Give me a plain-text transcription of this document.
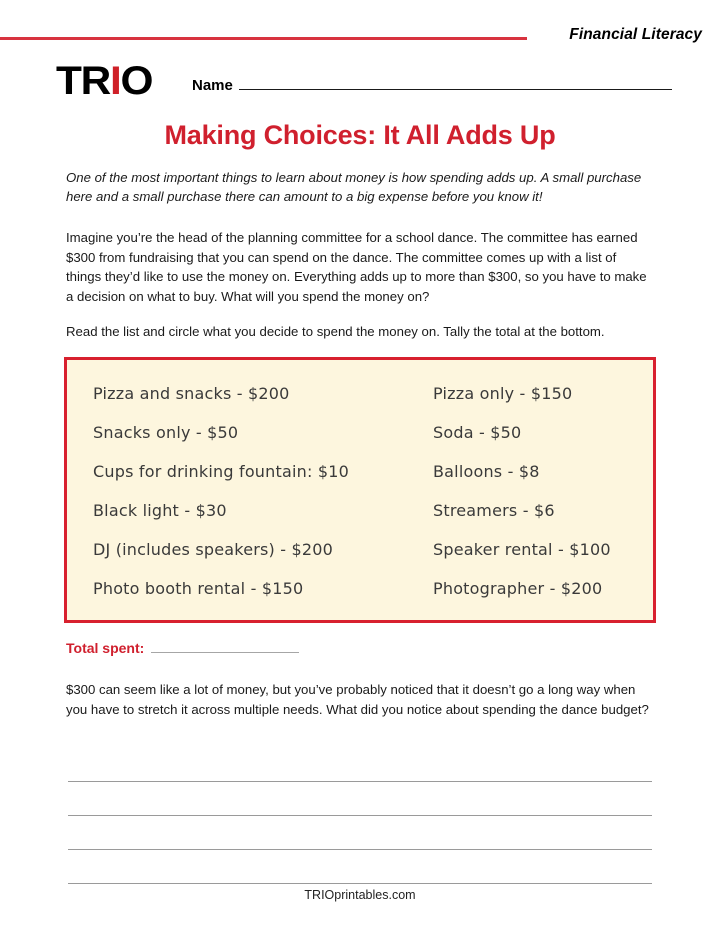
Financial Literacy
TRIO	Name
Making Choices: It All Adds Up

One of the most important things to learn about money is how spending adds up. A small purchase here and a small purchase there can amount to a big expense before you know it!

Imagine you’re the head of the planning committee for a school dance. The committee has earned $300 from fundraising that you can spend on the dance. The committee comes up with a list of things they’d like to use the money on. Everything adds up to more than $300, so you have to make a decision on what to buy. What will you spend the money on?

Read the list and circle what you decide to spend the money on. Tally the total at the bottom.

Pizza and snacks - $200	Pizza only - $150
Snacks only - $50	Soda - $50
Cups for drinking fountain: $10	Balloons - $8
Black light - $30	Streamers - $6
DJ (includes speakers) - $200	Speaker rental - $100
Photo booth rental - $150	Photographer - $200
Total spent:
$300 can seem like a lot of money, but you’ve probably noticed that it doesn’t go a long way when you have to stretch it across multiple needs. What did you notice about spending the dance budget?
TRIOprintables.com
